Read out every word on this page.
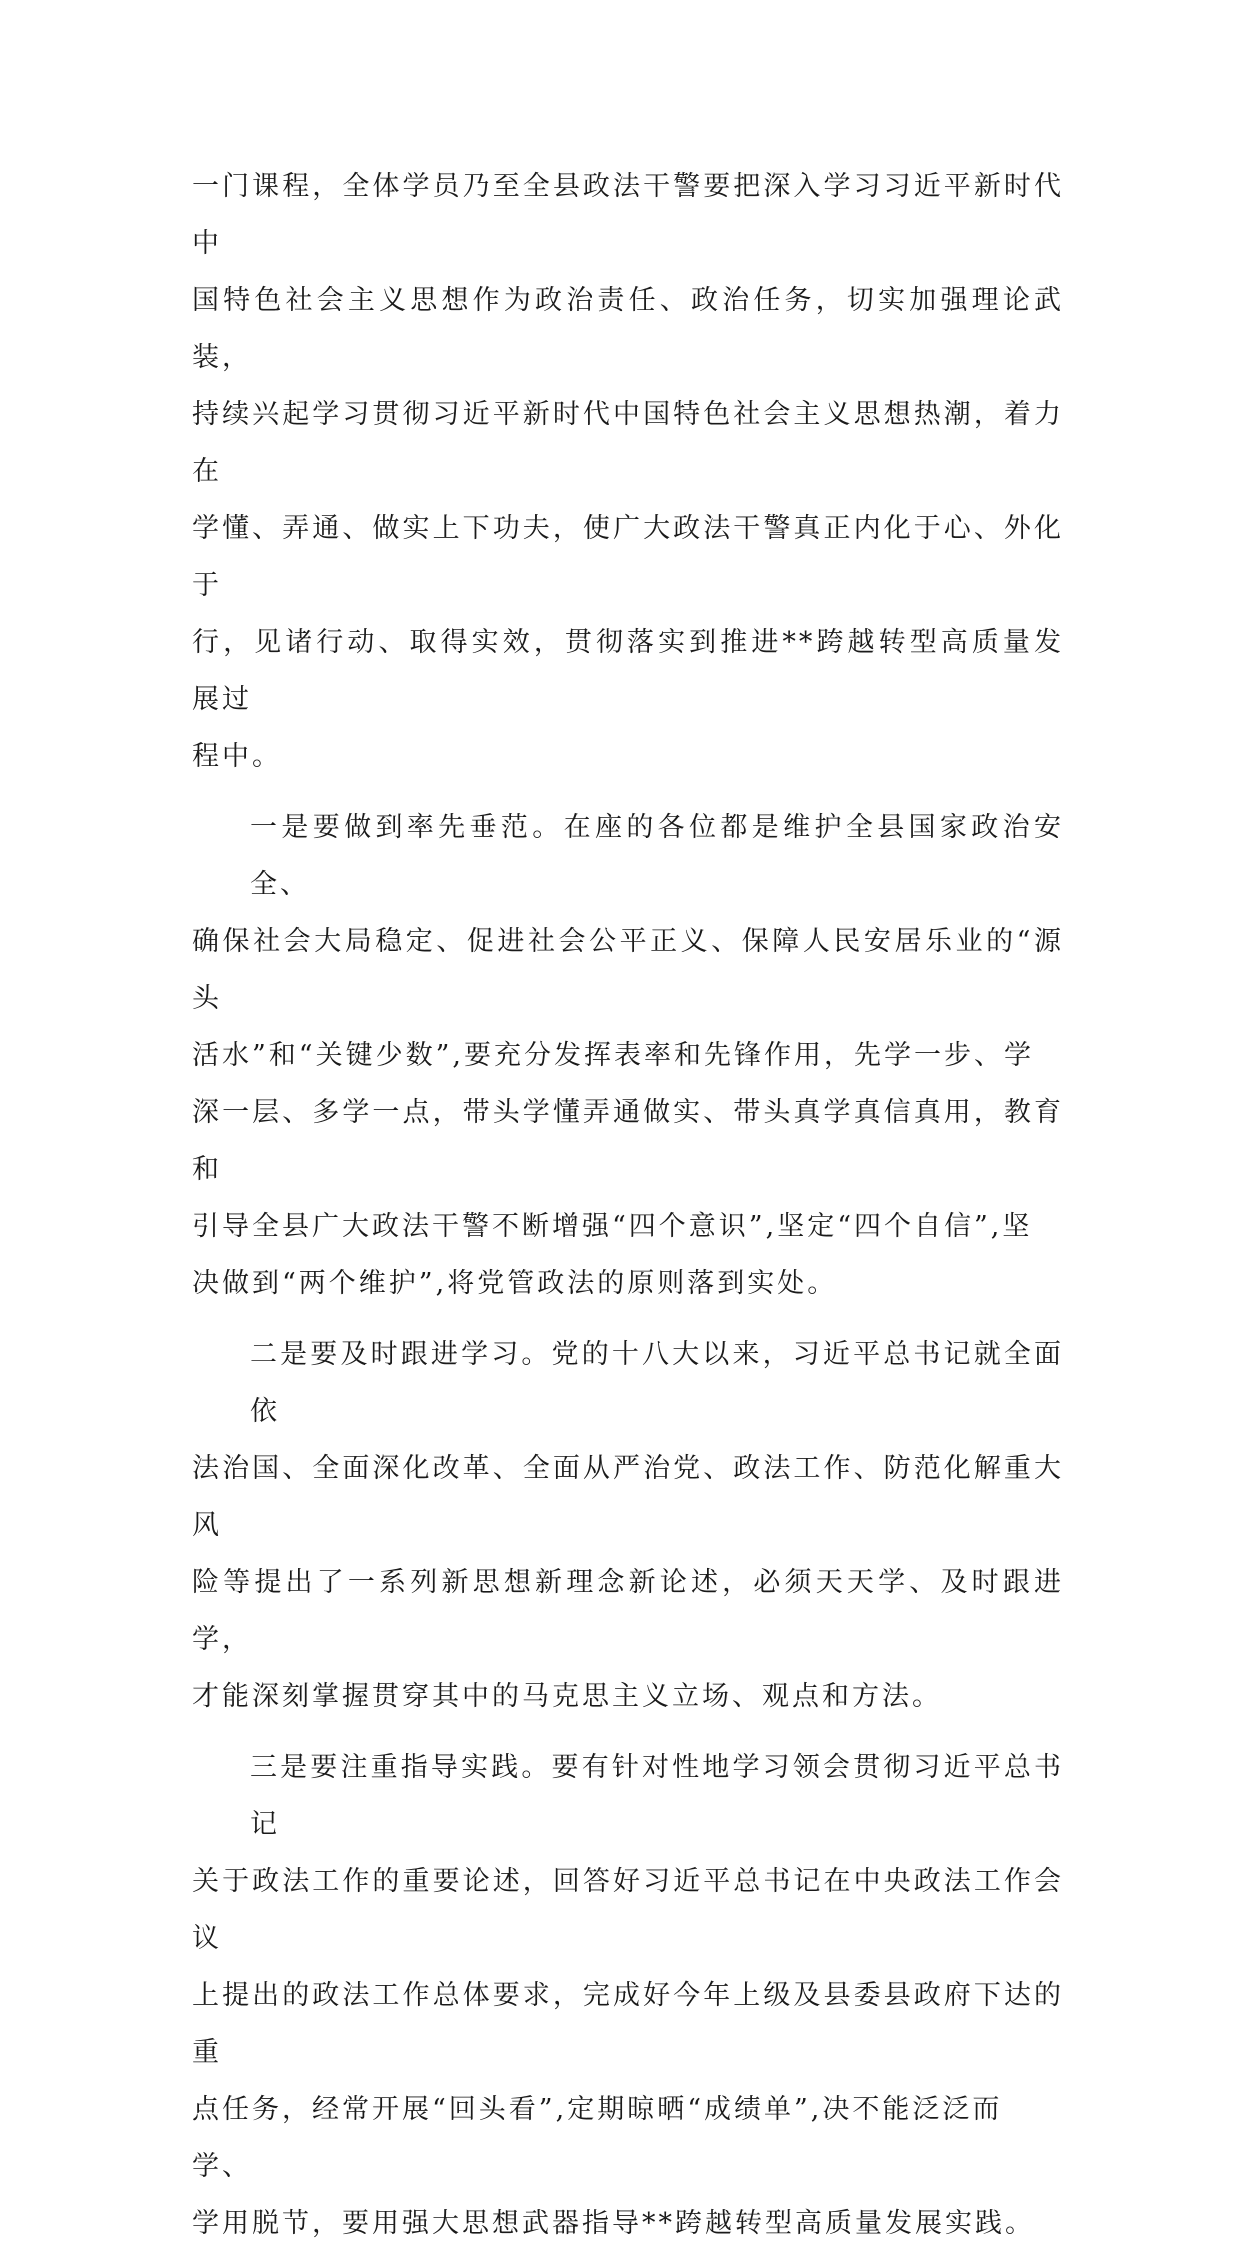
一门课程，全体学员乃至全县政法干警要把深入学习习近平新时代中
国特色社会主义思想作为政治责任、政治任务，切实加强理论武装，
持续兴起学习贯彻习近平新时代中国特色社会主义思想热潮，着力在
学懂、弄通、做实上下功夫，使广大政法干警真正内化于心、外化于
行，见诸行动、取得实效，贯彻落实到推进**跨越转型高质量发展过
程中。
一是要做到率先垂范。在座的各位都是维护全县国家政治安全、
确保社会大局稳定、促进社会公平正义、保障人民安居乐业的“源头
活水”和“关键少数”,要充分发挥表率和先锋作用，先学一步、学
深一层、多学一点，带头学懂弄通做实、带头真学真信真用，教育和
引导全县广大政法干警不断增强“四个意识”,坚定“四个自信”,坚
决做到“两个维护”,将党管政法的原则落到实处。
二是要及时跟进学习。党的十八大以来，习近平总书记就全面依
法治国、全面深化改革、全面从严治党、政法工作、防范化解重大风
险等提出了一系列新思想新理念新论述，必须天天学、及时跟进学，
才能深刻掌握贯穿其中的马克思主义立场、观点和方法。
三是要注重指导实践。要有针对性地学习领会贯彻习近平总书记
关于政法工作的重要论述，回答好习近平总书记在中央政法工作会议
上提出的政法工作总体要求，完成好今年上级及县委县政府下达的重
点任务，经常开展“回头看”,定期晾晒“成绩单”,决不能泛泛而
学、
学用脱节，要用强大思想武器指导**跨越转型高质量发展实践。
